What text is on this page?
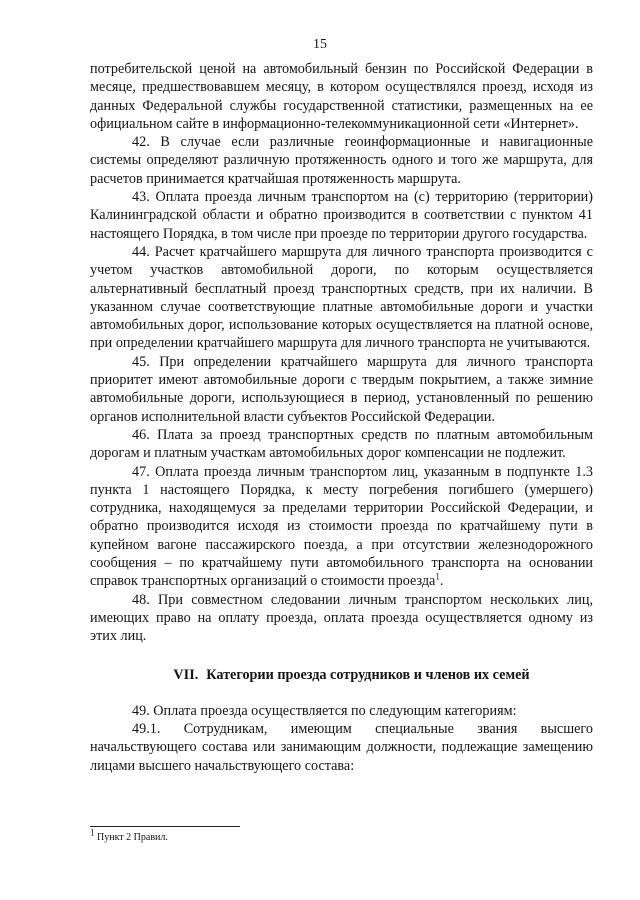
15

потребительской ценой на автомобильный бензин по Российской Федерации в месяце, предшествовавшем месяцу, в котором осуществлялся проезд, исходя из данных Федеральной службы государственной статистики, размещенных на ее официальном сайте в информационно-телекоммуникационной сети «Интернет».

42. В случае если различные геоинформационные и навигационные системы определяют различную протяженность одного и того же маршрута, для расчетов принимается кратчайшая протяженность маршрута.

43. Оплата проезда личным транспортом на (с) территорию (территории) Калининградской области и обратно производится в соответствии с пунктом 41 настоящего Порядка, в том числе при проезде по территории другого государства.

44. Расчет кратчайшего маршрута для личного транспорта производится с учетом участков автомобильной дороги, по которым осуществляется альтернативный бесплатный проезд транспортных средств, при их наличии. В указанном случае соответствующие платные автомобильные дороги и участки автомобильных дорог, использование которых осуществляется на платной основе, при определении кратчайшего маршрута для личного транспорта не учитываются.

45. При определении кратчайшего маршрута для личного транспорта приоритет имеют автомобильные дороги с твердым покрытием, а также зимние автомобильные дороги, использующиеся в период, установленный по решению органов исполнительной власти субъектов Российской Федерации.

46. Плата за проезд транспортных средств по платным автомобильным дорогам и платным участкам автомобильных дорог компенсации не подлежит.

47. Оплата проезда личным транспортом лиц, указанным в подпункте 1.3 пункта 1 настоящего Порядка, к месту погребения погибшего (умершего) сотрудника, находящемуся за пределами территории Российской Федерации, и обратно производится исходя из стоимости проезда по кратчайшему пути в купейном вагоне пассажирского поезда, а при отсутствии железнодорожного сообщения – по кратчайшему пути автомобильного транспорта на основании справок транспортных организаций о стоимости проезда$^1$.

48. При совместном следовании личным транспортом нескольких лиц, имеющих право на оплату проезда, оплата проезда осуществляется одному из этих лиц.

VII. Категории проезда сотрудников и членов их семей

49. Оплата проезда осуществляется по следующим категориям:

49.1. Сотрудникам, имеющим специальные звания высшего начальствующего состава или занимающим должности, подлежащие замещению лицами высшего начальствующего состава:

$^1$ Пункт 2 Правил.
